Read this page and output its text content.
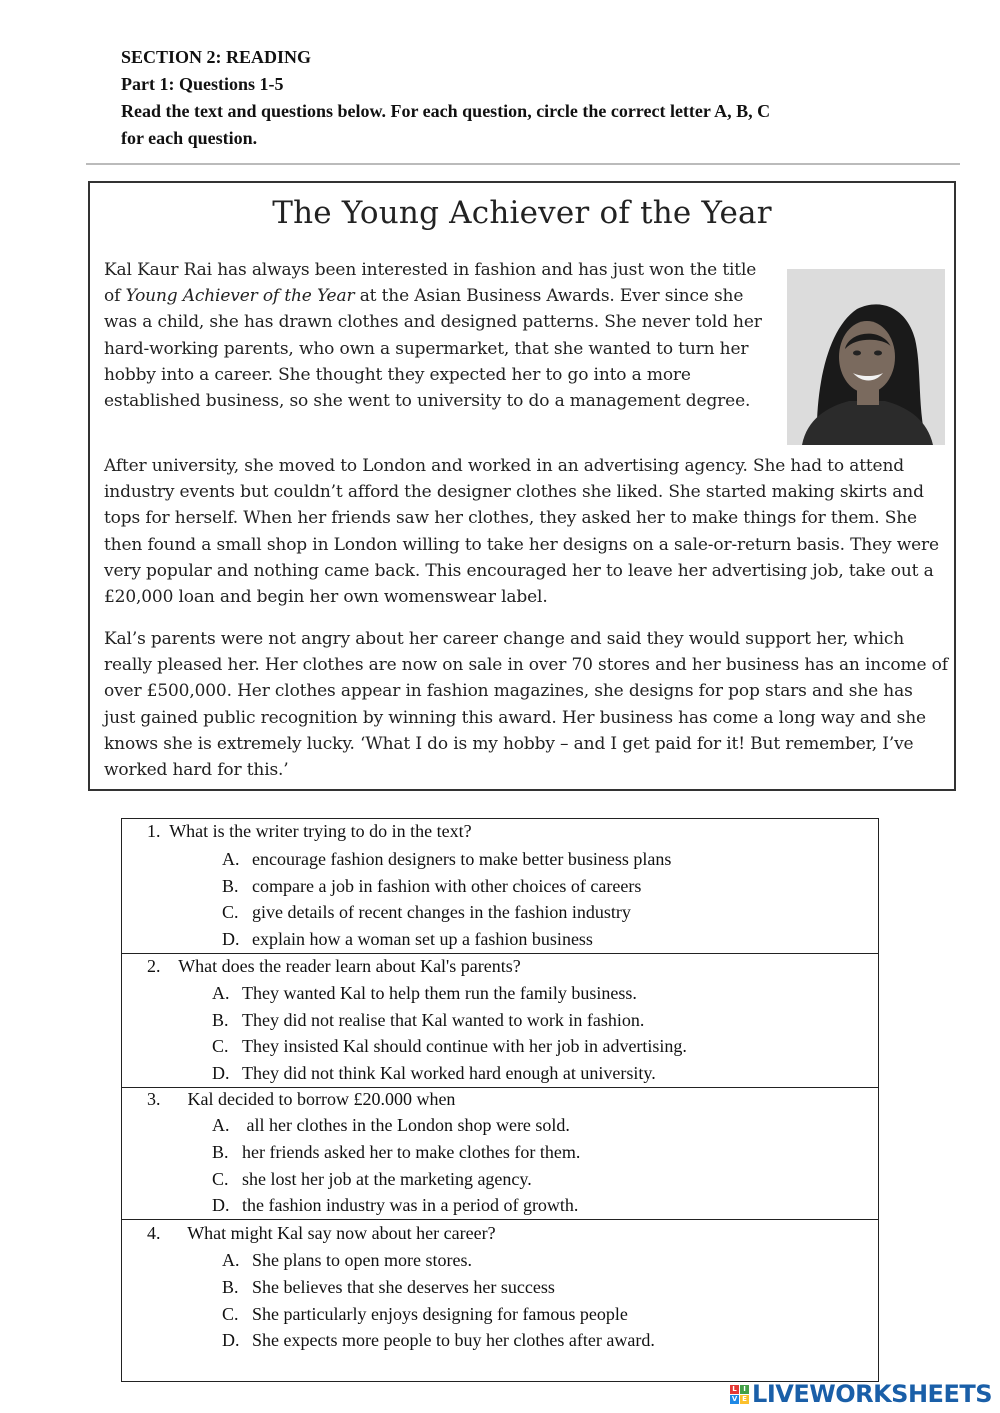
SECTION 2: READING
Part 1: Questions 1-5
Read the text and questions below. For each question, circle the correct letter A, B, C
for each question.
The Young Achiever of the Year
Kal Kaur Rai has always been interested in fashion and has just won the title of Young Achiever of the Year at the Asian Business Awards. Ever since she was a child, she has drawn clothes and designed patterns. She never told her hard-working parents, who own a supermarket, that she wanted to turn her hobby into a career. She thought they expected her to go into a more established business, so she went to university to do a management degree.
After university, she moved to London and worked in an advertising agency. She had to attend industry events but couldn’t afford the designer clothes she liked. She started making skirts and tops for herself. When her friends saw her clothes, they asked her to make things for them. She then found a small shop in London willing to take her designs on a sale-or-return basis. They were very popular and nothing came back. This encouraged her to leave her advertising job, take out a £20,000 loan and begin her own womenswear label.
Kal’s parents were not angry about her career change and said they would support her, which really pleased her. Her clothes are now on sale in over 70 stores and her business has an income of over £500,000. Her clothes appear in fashion magazines, she designs for pop stars and she has just gained public recognition by winning this award. Her business has come a long way and she knows she is extremely lucky. ‘What I do is my hobby – and I get paid for it! But remember, I’ve worked hard for this.’
1. What is the writer trying to do in the text?
A. encourage fashion designers to make better business plans
B. compare a job in fashion with other choices of careers
C. give details of recent changes in the fashion industry
D. explain how a woman set up a fashion business
2. What does the reader learn about Kal's parents?
A. They wanted Kal to help them run the family business.
B. They did not realise that Kal wanted to work in fashion.
C. They insisted Kal should continue with her job in advertising.
D. They did not think Kal worked hard enough at university.
3. Kal decided to borrow £20.000 when
A. all her clothes in the London shop were sold.
B. her friends asked her to make clothes for them.
C. she lost her job at the marketing agency.
D. the fashion industry was in a period of growth.
4. What might Kal say now about her career?
A. She plans to open more stores.
B. She believes that she deserves her success
C. She particularly enjoys designing for famous people
D. She expects more people to buy her clothes after award.
L I
V E LIVEWORKSHEETS
